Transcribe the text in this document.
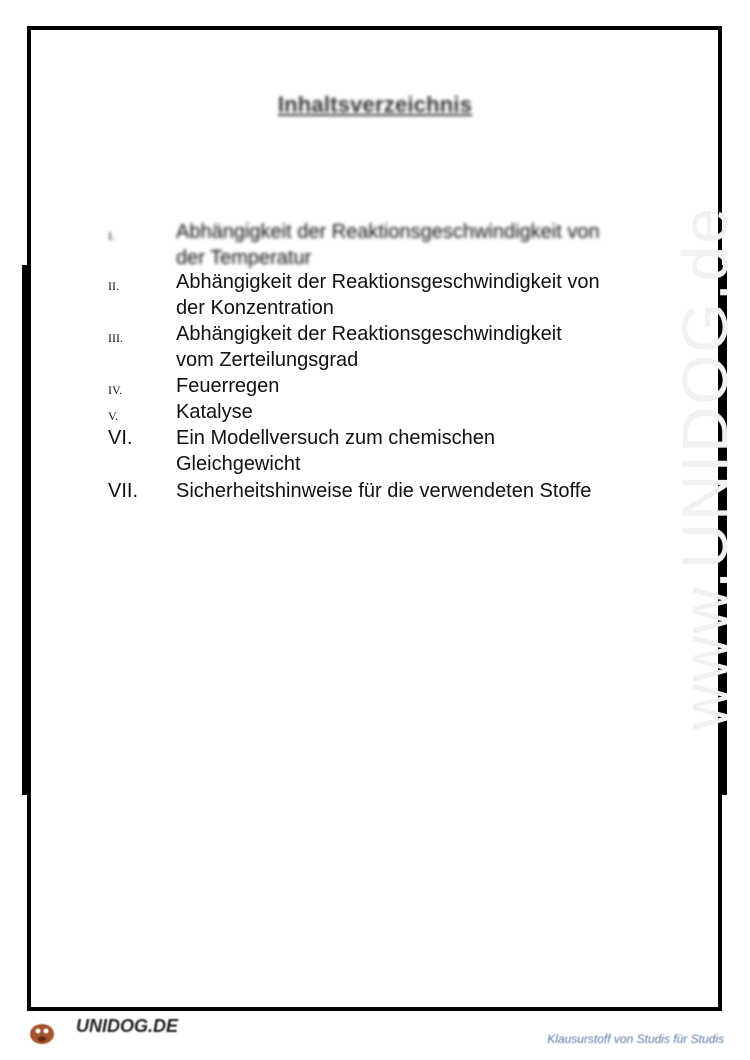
www.UNIDOG.de
Inhaltsverzeichnis
I.	Abhängigkeit der Reaktionsgeschwindigkeit von
der Temperatur
II.	Abhängigkeit der Reaktionsgeschwindigkeit von
der Konzentration
III.	Abhängigkeit der Reaktionsgeschwindigkeit
vom Zerteilungsgrad
IV.	Feuerregen
V.	Katalyse
VI.	Ein Modellversuch zum chemischen
Gleichgewicht
VII.	Sicherheitshinweise für die verwendeten Stoffe
UNIDOG.DE
Klausurstoff von Studis für Studis
